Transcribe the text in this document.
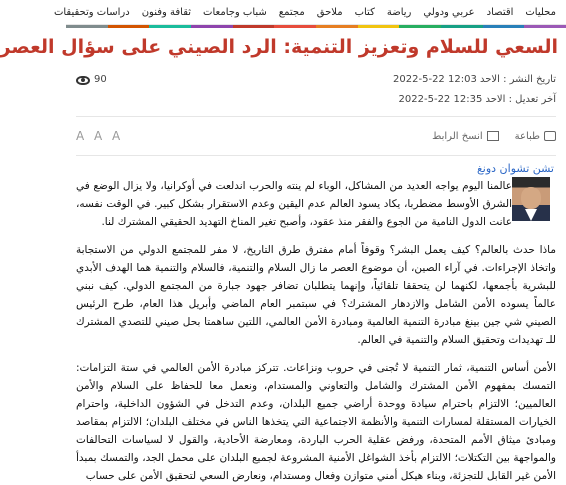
محليات
اقتصاد
عربي ودولي
رياضة
كتاب
ملاحق
مجتمع
شباب وجامعات
ثقافة وفنون
دراسات وتحقيقات
السعي للسلام وتعزيز التنمية: الرد الصيني على سؤال العصر
تاريخ النشر : الاحد 12:03 22-5-2022
آخر تعديل : الاحد 12:35 22-5-2022
90
طباعة
انسخ الرابط
A A A
تشن تشوان دونغ

عالمنا اليوم يواجه العديد من المشاكل، الوباء لم ينته والحرب اندلعت في أوكرانيا، ولا يزال الوضع في الشرق الأوسط مضطربا، يكاد يسود العالم عدم اليقين وعدم الاستقرار بشكل كبير. في الوقت نفسه، عانت الدول النامية من الجوع والفقر منذ عقود، وأصبح تغير المناخ التهديد الحقيقي المشترك لنا.

ماذا حدث بالعالم؟ كيف يعمل البشر؟ وقوفاً أمام مفترق طرق التاريخ، لا مفر للمجتمع الدولي من الاستجابة واتخاذ الإجراءات. في آراء الصين، أن موضوع العصر ما زال السلام والتنمية، فالسلام والتنمية هما الهدف الأبدي للبشرية بأجمعها، لكنهما لن يتحققا تلقائياً، وإنهما يتطلبان تضافر جهود جبارة من المجتمع الدولي. كيف نبني عالماً يسوده الأمن الشامل والازدهار المشترك؟ في سبتمبر العام الماضي وأبريل هذا العام، طرح الرئيس الصيني شي جين بينغ مبادرة التنمية العالمية ومبادرة الأمن العالمي، اللتين ساهمتا بحل صيني للتصدي المشترك للـ تهديدات وتحقيق السلام والتنمية في العالم.

الأمن أساس التنمية، ثمار التنمية لا تُجنى في حروب ونزاعات. تتركز مبادرة الأمن العالمي في ستة التزامات: التمسك بمفهوم الأمن المشترك والشامل والتعاوني والمستدام، ونعمل معا للحفاظ على السلام والأمن العالميين؛ الالتزام باحترام سيادة ووحدة أراضي جميع البلدان، وعدم التدخل في الشؤون الداخلية، واحترام الخيارات المستقلة لمسارات التنمية والأنظمة الاجتماعية التي يتخذها الناس في مختلف البلدان؛ الالتزام بمقاصد ومبادئ ميثاق الأمم المتحدة، ورفض عقلية الحرب الباردة، ومعارضة الأحادية، والقول لا لسياسات التحالفات والمواجهة بين التكتلات؛ الالتزام بأخذ الشواغل الأمنية المشروعة لجميع البلدان على محمل الجد، والتمسك بمبدأ الأمن غير القابل للتجزئة، وبناء هيكل أمني متوازن وفعال ومستدام، ونعارض السعي لتحقيق الأمن على حساب
